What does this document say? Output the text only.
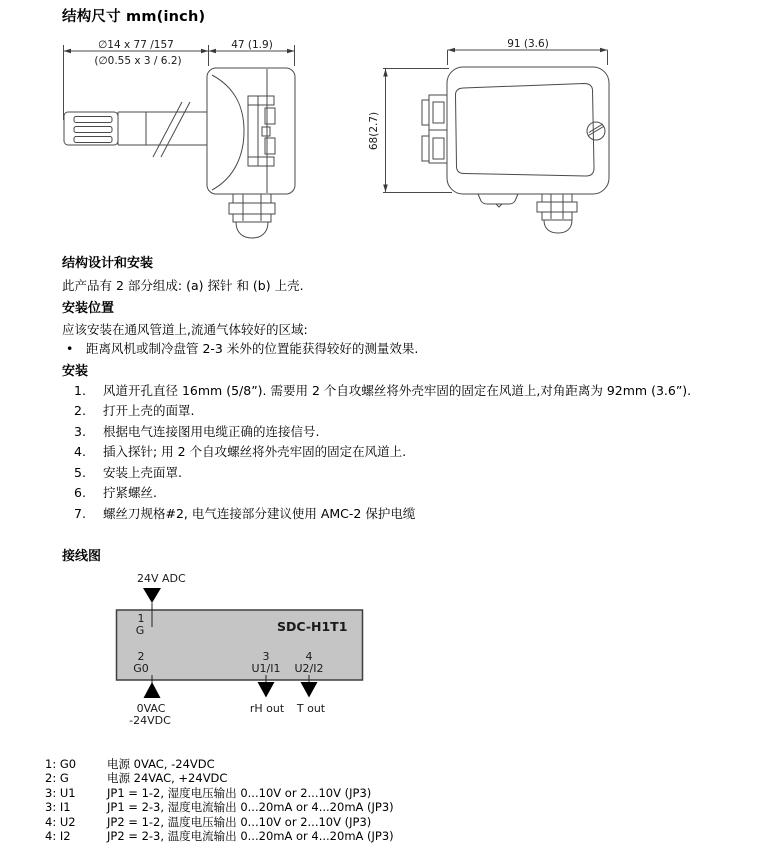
结构尺寸 mm(inch)
∅14 x 77 /157
(∅0.55 x 3 / 6.2)
47 (1.9)	91 (3.6)
68(2.7)
结构设计和安装

此产品有 2 部分组成: (a) 探针 和 (b) 上壳.

安装位置

应该安装在通风管道上,流通气体较好的区域:

•	距离风机或制冷盘管 2-3 米外的位置能获得较好的测量效果.
安装
1.	风道开孔直径 16mm (5/8”). 需要用 2 个自攻螺丝将外壳牢固的固定在风道上,对角距离为 92mm (3.6”).
2.	打开上壳的面罩.
3.	根据电气连接图用电缆正确的连接信号.
4.	插入探针; 用 2 个自攻螺丝将外壳牢固的固定在风道上.
5.	安装上壳面罩.
6.	拧紧螺丝.
7.	螺丝刀规格#2, 电气连接部分建议使用 AMC-2 保护电缆
接线图
24V ADC
1
G	SDC-H1T1
2
G0
3
U1/I1
4
U2/I2
0VAC
-24VDC
rH out T out
1: G0	电源 0VAC, -24VDC
2: G	电源 24VAC, +24VDC
3: U1	JP1 = 1-2, 湿度电压输出 0...10V or 2...10V (JP3)
3: I1	JP1 = 2-3, 湿度电流输出 0...20mA or 4...20mA (JP3)
4: U2	JP2 = 1-2, 温度电压输出 0...10V or 2...10V (JP3)
4: I2	JP2 = 2-3, 温度电流输出 0...20mA or 4...20mA (JP3)
